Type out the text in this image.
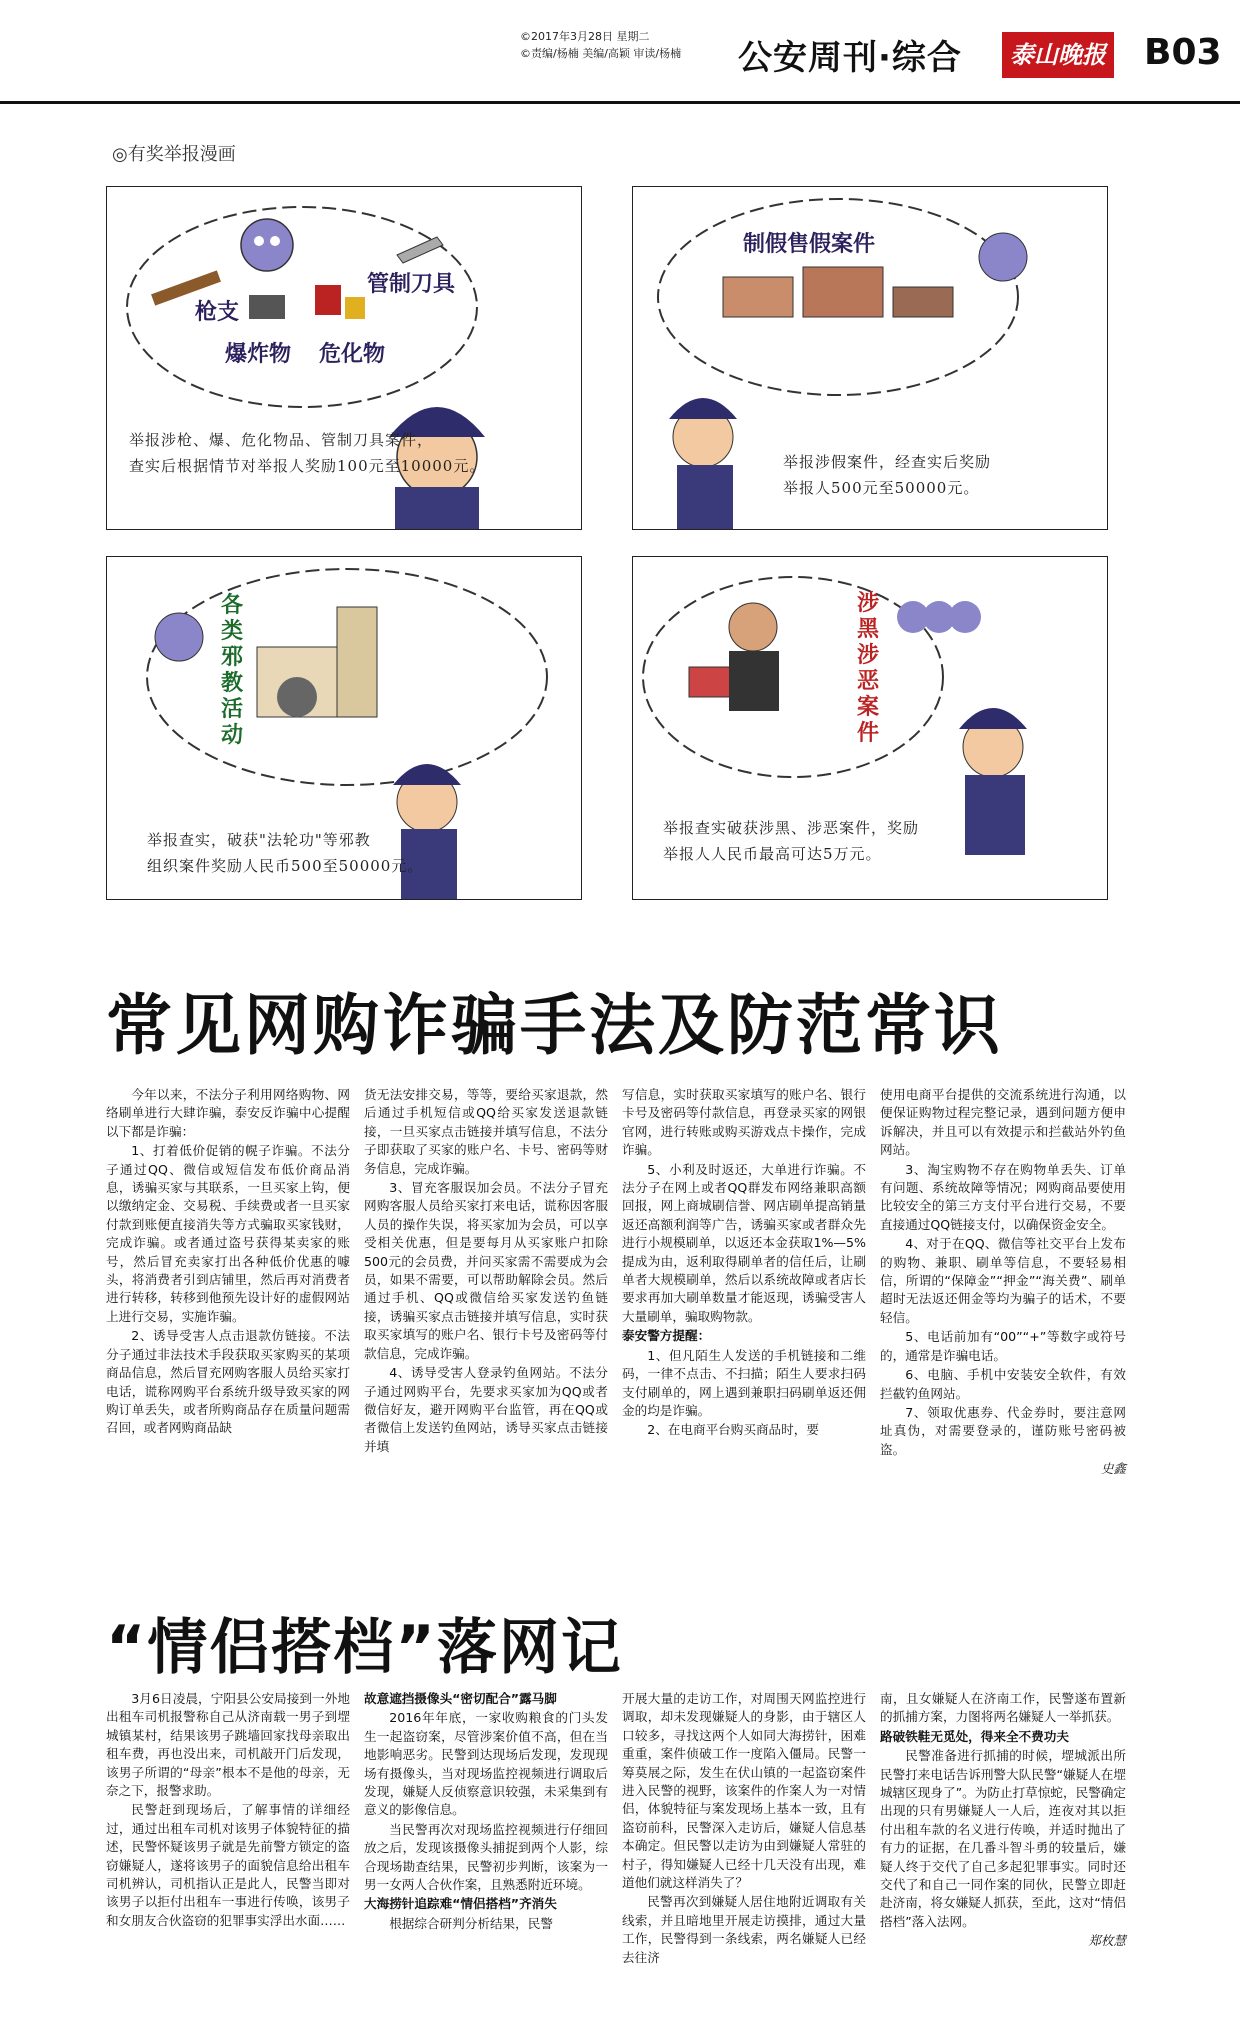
©2017年3月28日 星期二
©责编/杨楠 美编/高颖 审读/杨楠 公安周刊·综合	泰山晚报 B03
◎有奖举报漫画
枪支
爆炸物 危化物
管制刀具
举报涉枪、爆、危化物品、管制刀具案件，
查实后根据情节对举报人奖励100元至10000元。
制假售假案件
举报涉假案件，经查实后奖励
举报人500元至50000元。
各类邪教活动
举报查实，破获"法轮功"等邪教
组织案件奖励人民币500至50000元。
涉黑涉恶案件
举报查实破获涉黑、涉恶案件，奖励
举报人人民币最高可达5万元。
常见网购诈骗手法及防范常识

今年以来，不法分子利用网络购物、网络刷单进行大肆诈骗，泰安反诈骗中心提醒以下都是诈骗：

1、打着低价促销的幌子诈骗。不法分子通过QQ、微信或短信发布低价商品消息，诱骗买家与其联系，一旦买家上钩，便以缴纳定金、交易税、手续费或者一旦买家付款到账便直接消失等方式骗取买家钱财，完成诈骗。或者通过盗号获得某卖家的账号，然后冒充卖家打出各种低价优惠的噱头，将消费者引到店铺里，然后再对消费者进行转移，转移到他预先设计好的虚假网站上进行交易，实施诈骗。

2、诱导受害人点击退款仿链接。不法分子通过非法技术手段获取买家购买的某项商品信息，然后冒充网购客服人员给买家打电话，谎称网购平台系统升级导致买家的网购订单丢失，或者所购商品存在质量问题需召回，或者网购商品缺

货无法安排交易，等等，要给买家退款，然后通过手机短信或QQ给买家发送退款链接，一旦买家点击链接并填写信息，不法分子即获取了买家的账户名、卡号、密码等财务信息，完成诈骗。

3、冒充客服误加会员。不法分子冒充网购客服人员给买家打来电话，谎称因客服人员的操作失误，将买家加为会员，可以享受相关优惠，但是要每月从买家账户扣除500元的会员费，并问买家需不需要成为会员，如果不需要，可以帮助解除会员。然后通过手机、QQ或微信给买家发送钓鱼链接，诱骗买家点击链接并填写信息，实时获取买家填写的账户名、银行卡号及密码等付款信息，完成诈骗。

4、诱导受害人登录钓鱼网站。不法分子通过网购平台，先要求买家加为QQ或者微信好友，避开网购平台监管，再在QQ或者微信上发送钓鱼网站，诱导买家点击链接并填

写信息，实时获取买家填写的账户名、银行卡号及密码等付款信息，再登录买家的网银官网，进行转账或购买游戏点卡操作，完成诈骗。

5、小利及时返还，大单进行诈骗。不法分子在网上或者QQ群发布网络兼职高额回报，网上商城刷信誉、网店刷单提高销量返还高额利润等广告，诱骗买家或者群众先进行小规模刷单，以返还本金获取1%—5%提成为由，返利取得刷单者的信任后，让刷单者大规模刷单，然后以系统故障或者店长要求再加大刷单数量才能返现，诱骗受害人大量刷单，骗取购物款。

泰安警方提醒：

1、但凡陌生人发送的手机链接和二维码，一律不点击、不扫描；陌生人要求扫码支付刷单的，网上遇到兼职扫码刷单返还佣金的均是诈骗。

2、在电商平台购买商品时，要

使用电商平台提供的交流系统进行沟通，以便保证购物过程完整记录，遇到问题方便申诉解决，并且可以有效提示和拦截站外钓鱼网站。

3、淘宝购物不存在购物单丢失、订单有问题、系统故障等情况；网购商品要使用比较安全的第三方支付平台进行交易，不要直接通过QQ链接支付，以确保资金安全。

4、对于在QQ、微信等社交平台上发布的购物、兼职、刷单等信息，不要轻易相信，所谓的“保障金”“押金”“海关费”、刷单超时无法返还佣金等均为骗子的话术，不要轻信。

5、电话前加有“00”“+”等数字或符号的，通常是诈骗电话。

6、电脑、手机中安装安全软件，有效拦截钓鱼网站。

7、领取优惠券、代金券时，要注意网址真伪，对需要登录的，谨防账号密码被盗。

史鑫

“情侣搭档”落网记

3月6日凌晨，宁阳县公安局接到一外地出租车司机报警称自己从济南载一男子到堽城镇某村，结果该男子跳墙回家找母亲取出租车费，再也没出来，司机敲开门后发现，该男子所谓的“母亲”根本不是他的母亲，无奈之下，报警求助。

民警赶到现场后，了解事情的详细经过，通过出租车司机对该男子体貌特征的描述，民警怀疑该男子就是先前警方锁定的盗窃嫌疑人，遂将该男子的面貌信息给出租车司机辨认，司机指认正是此人，民警当即对该男子以拒付出租车一事进行传唤，该男子和女朋友合伙盗窃的犯罪事实浮出水面……

故意遮挡摄像头“密切配合”露马脚

2016年年底，一家收购粮食的门头发生一起盗窃案，尽管涉案价值不高，但在当地影响恶劣。民警到达现场后发现，发现现场有摄像头，当对现场监控视频进行调取后发现，嫌疑人反侦察意识较强，未采集到有意义的影像信息。

当民警再次对现场监控视频进行仔细回放之后，发现该摄像头捕捉到两个人影，综合现场勘查结果，民警初步判断，该案为一男一女两人合伙作案，且熟悉附近环境。

大海捞针追踪难“情侣搭档”齐消失

根据综合研判分析结果，民警

开展大量的走访工作，对周围天网监控进行调取，却未发现嫌疑人的身影，由于辖区人口较多，寻找这两个人如同大海捞针，困难重重，案件侦破工作一度陷入僵局。民警一筹莫展之际，发生在伏山镇的一起盗窃案件进入民警的视野，该案件的作案人为一对情侣，体貌特征与案发现场上基本一致，且有盗窃前科，民警深入走访后，嫌疑人信息基本确定。但民警以走访为由到嫌疑人常驻的村子，得知嫌疑人已经十几天没有出现，难道他们就这样消失了？

民警再次到嫌疑人居住地附近调取有关线索，并且暗地里开展走访摸排，通过大量工作，民警得到一条线索，两名嫌疑人已经去往济

南，且女嫌疑人在济南工作，民警遂布置新的抓捕方案，力图将两名嫌疑人一举抓获。

路破铁鞋无觅处，得来全不费功夫

民警准备进行抓捕的时候，堽城派出所民警打来电话告诉刑警大队民警“嫌疑人在堽城辖区现身了”。为防止打草惊蛇，民警确定出现的只有男嫌疑人一人后，连夜对其以拒付出租车款的名义进行传唤，并适时抛出了有力的证据，在几番斗智斗勇的较量后，嫌疑人终于交代了自己多起犯罪事实。同时还交代了和自己一同作案的同伙，民警立即赶赴济南，将女嫌疑人抓获，至此，这对“情侣搭档”落入法网。

郑枚慧
